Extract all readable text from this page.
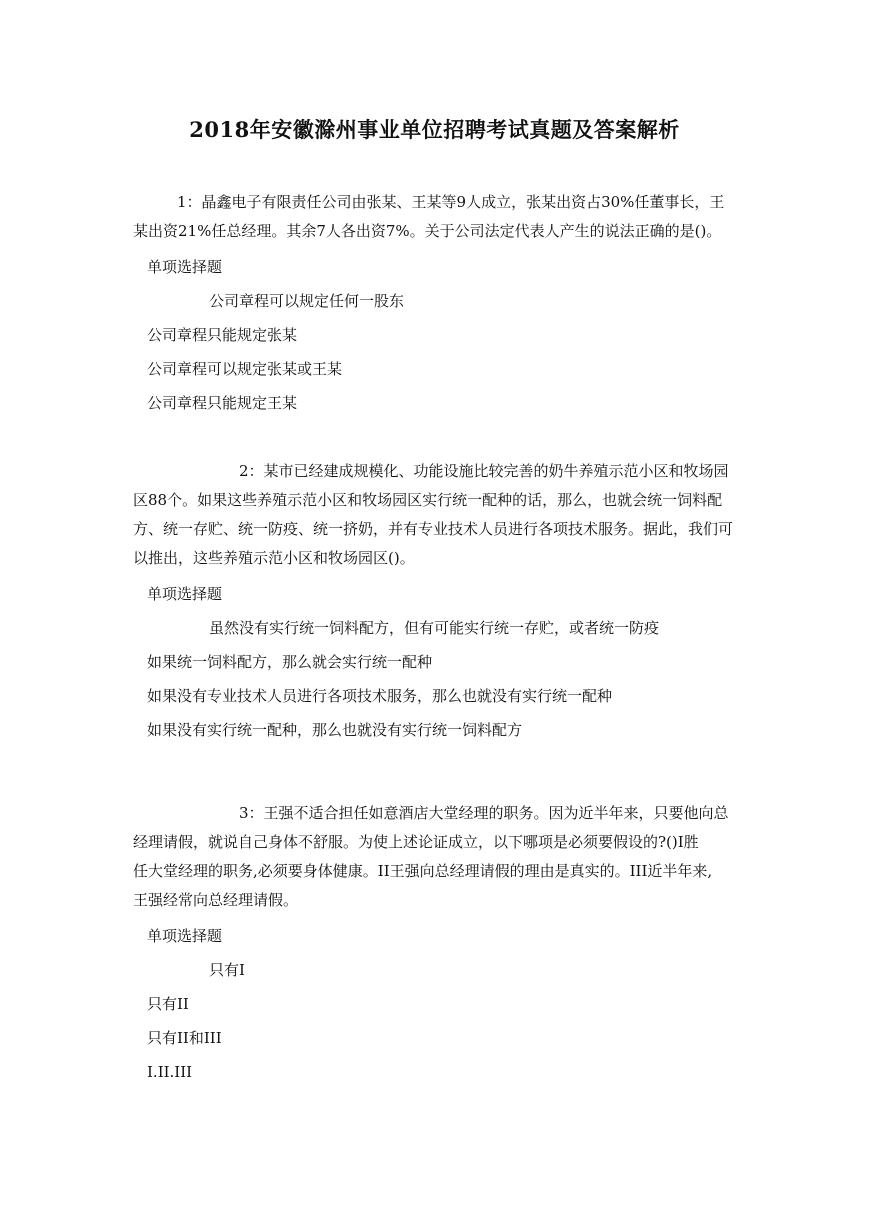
2018年安徽滁州事业单位招聘考试真题及答案解析

1：晶鑫电子有限责任公司由张某、王某等9人成立，张某出资占30%任董事长，王
某出资21%任总经理。其余7人各出资7%。关于公司法定代表人产生的说法正确的是()。

单项选择题
公司章程可以规定任何一股东
公司章程只能规定张某
公司章程可以规定张某或王某
公司章程只能规定王某

2：某市已经建成规模化、功能设施比较完善的奶牛养殖示范小区和牧场园
区88个。如果这些养殖示范小区和牧场园区实行统一配种的话，那么，也就会统一饲料配
方、统一存贮、统一防疫、统一挤奶，并有专业技术人员进行各项技术服务。据此，我们可
以推出，这些养殖示范小区和牧场园区()。

单项选择题
虽然没有实行统一饲料配方，但有可能实行统一存贮，或者统一防疫
如果统一饲料配方，那么就会实行统一配种
如果没有专业技术人员进行各项技术服务，那么也就没有实行统一配种
如果没有实行统一配种，那么也就没有实行统一饲料配方

3：王强不适合担任如意酒店大堂经理的职务。因为近半年来，只要他向总
经理请假，就说自己身体不舒服。为使上述论证成立，以下哪项是必须要假设的?()I胜
任大堂经理的职务,必须要身体健康。II王强向总经理请假的理由是真实的。III近半年来,
王强经常向总经理请假。

单项选择题
只有I
只有II
只有II和III
I.II.III
